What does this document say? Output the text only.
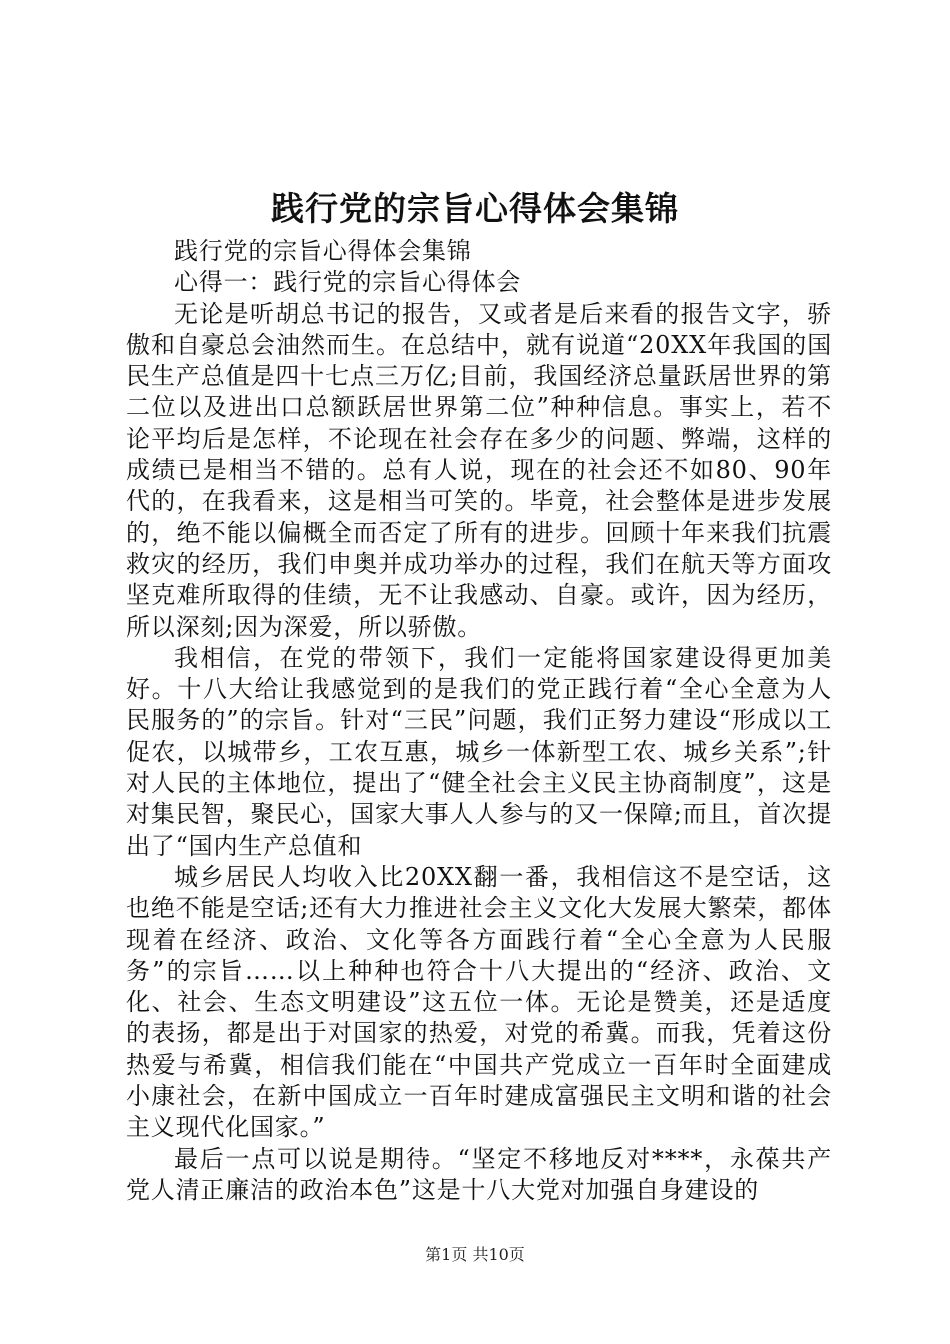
践行党的宗旨心得体会集锦

践行党的宗旨心得体会集锦

心得一：践行党的宗旨心得体会

无论是听胡总书记的报告，又或者是后来看的报告文字，骄傲和自豪总会油然而生。在总结中，就有说道“20XX年我国的国民生产总值是四十七点三万亿;目前，我国经济总量跃居世界的第二位以及进出口总额跃居世界第二位”种种信息。事实上，若不论平均后是怎样，不论现在社会存在多少的问题、弊端，这样的成绩已是相当不错的。总有人说，现在的社会还不如80、90年代的，在我看来，这是相当可笑的。毕竟，社会整体是进步发展的，绝不能以偏概全而否定了所有的进步。回顾十年来我们抗震救灾的经历，我们申奥并成功举办的过程，我们在航天等方面攻坚克难所取得的佳绩，无不让我感动、自豪。或许，因为经历，所以深刻;因为深爱，所以骄傲。

我相信，在党的带领下，我们一定能将国家建设得更加美好。十八大给让我感觉到的是我们的党正践行着“全心全意为人民服务的”的宗旨。针对“三民”问题，我们正努力建设“形成以工促农，以城带乡，工农互惠，城乡一体新型工农、城乡关系”;针对人民的主体地位，提出了“健全社会主义民主协商制度”，这是对集民智，聚民心，国家大事人人参与的又一保障;而且，首次提出了“国内生产总值和

城乡居民人均收入比20XX翻一番，我相信这不是空话，这也绝不能是空话;还有大力推进社会主义文化大发展大繁荣，都体现着在经济、政治、文化等各方面践行着“全心全意为人民服务”的宗旨……以上种种也符合十八大提出的“经济、政治、文化、社会、生态文明建设”这五位一体。无论是赞美，还是适度的表扬，都是出于对国家的热爱，对党的希冀。而我，凭着这份热爱与希冀，相信我们能在“中国共产党成立一百年时全面建成小康社会，在新中国成立一百年时建成富强民主文明和谐的社会主义现代化国家。”

最后一点可以说是期待。“坚定不移地反对****，永葆共产党人清正廉洁的政治本色”这是十八大党对加强自身建设的

第1页 共10页
